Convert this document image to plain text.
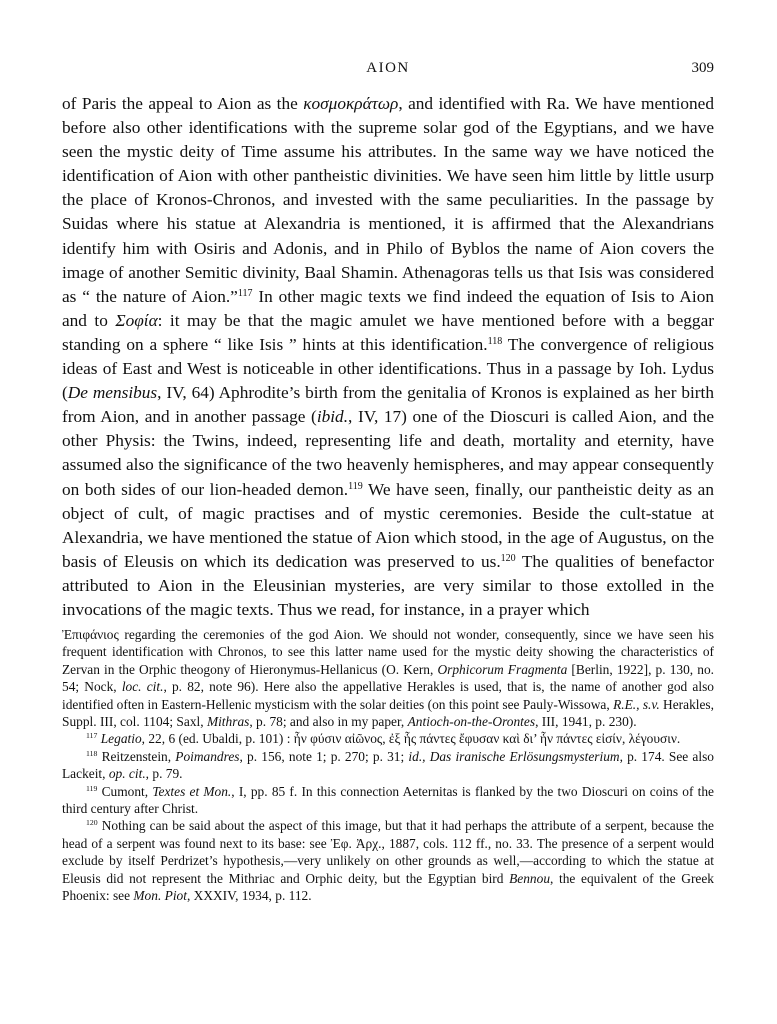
AION	309

of Paris the appeal to Aion as the κοσμοκράτωρ, and identified with Ra. We have mentioned before also other identifications with the supreme solar god of the Egyptians, and we have seen the mystic deity of Time assume his attributes. In the same way we have noticed the identification of Aion with other pantheistic divinities. We have seen him little by little usurp the place of Kronos-Chronos, and invested with the same peculiarities. In the passage by Suidas where his statue at Alexandria is mentioned, it is affirmed that the Alexandrians identify him with Osiris and Adonis, and in Philo of Byblos the name of Aion covers the image of another Semitic divinity, Baal Shamin. Athenagoras tells us that Isis was considered as “ the nature of Aion.”$^{117}$ In other magic texts we find indeed the equation of Isis to Aion and to Σοφία: it may be that the magic amulet we have mentioned before with a beggar standing on a sphere “ like Isis ” hints at this identification.$^{118}$ The convergence of religious ideas of East and West is noticeable in other identifications. Thus in a passage by Ioh. Lydus (De mensibus, IV, 64) Aphrodite’s birth from the genitalia of Kronos is explained as her birth from Aion, and in another passage (ibid., IV, 17) one of the Dioscuri is called Aion, and the other Physis: the Twins, indeed, representing life and death, mortality and eternity, have assumed also the significance of the two heavenly hemispheres, and may appear consequently on both sides of our lion-headed demon.$^{119}$ We have seen, finally, our pantheistic deity as an object of cult, of magic practises and of mystic ceremonies. Beside the cult-statue at Alexandria, we have mentioned the statue of Aion which stood, in the age of Augustus, on the basis of Eleusis on which its dedication was preserved to us.$^{120}$ The qualities of benefactor attributed to Aion in the Eleusinian mysteries, are very similar to those extolled in the invocations of the magic texts. Thus we read, for instance, in a prayer which

Ἐπιφάνιος regarding the ceremonies of the god Aion. We should not wonder, consequently, since we have seen his frequent identification with Chronos, to see this latter name used for the mystic deity showing the characteristics of Zervan in the Orphic theogony of Hieronymus-Hellanicus (O. Kern, Orphicorum Fragmenta [Berlin, 1922], p. 130, no. 54; Nock, loc. cit., p. 82, note 96). Here also the appellative Herakles is used, that is, the name of another god also identified often in Eastern-Hellenic mysticism with the solar deities (on this point see Pauly-Wissowa, R.E., s.v. Herakles, Suppl. III, col. 1104; Saxl, Mithras, p. 78; and also in my paper, Antioch-on-the-Orontes, III, 1941, p. 230).

$^{117}$ Legatio, 22, 6 (ed. Ubaldi, p. 101) : ἦν φύσιν αἰῶνος, ἐξ ἧς πάντες ἔφυσαν καὶ δι’ ἧν πάντες εἰσίν, λέγουσιν.

$^{118}$ Reitzenstein, Poimandres, p. 156, note 1; p. 270; p. 31; id., Das iranische Erlösungsmysterium, p. 174. See also Lackeit, op. cit., p. 79.

$^{119}$ Cumont, Textes et Mon., I, pp. 85 f. In this connection Aeternitas is flanked by the two Dioscuri on coins of the third century after Christ.

$^{120}$ Nothing can be said about the aspect of this image, but that it had perhaps the attribute of a serpent, because the head of a serpent was found next to its base: see Ἐφ. Ἀρχ., 1887, cols. 112 ff., no. 33. The presence of a serpent would exclude by itself Perdrizet’s hypothesis,—very unlikely on other grounds as well,—according to which the statue at Eleusis did not represent the Mithriac and Orphic deity, but the Egyptian bird Bennou, the equivalent of the Greek Phoenix: see Mon. Piot, XXXIV, 1934, p. 112.
